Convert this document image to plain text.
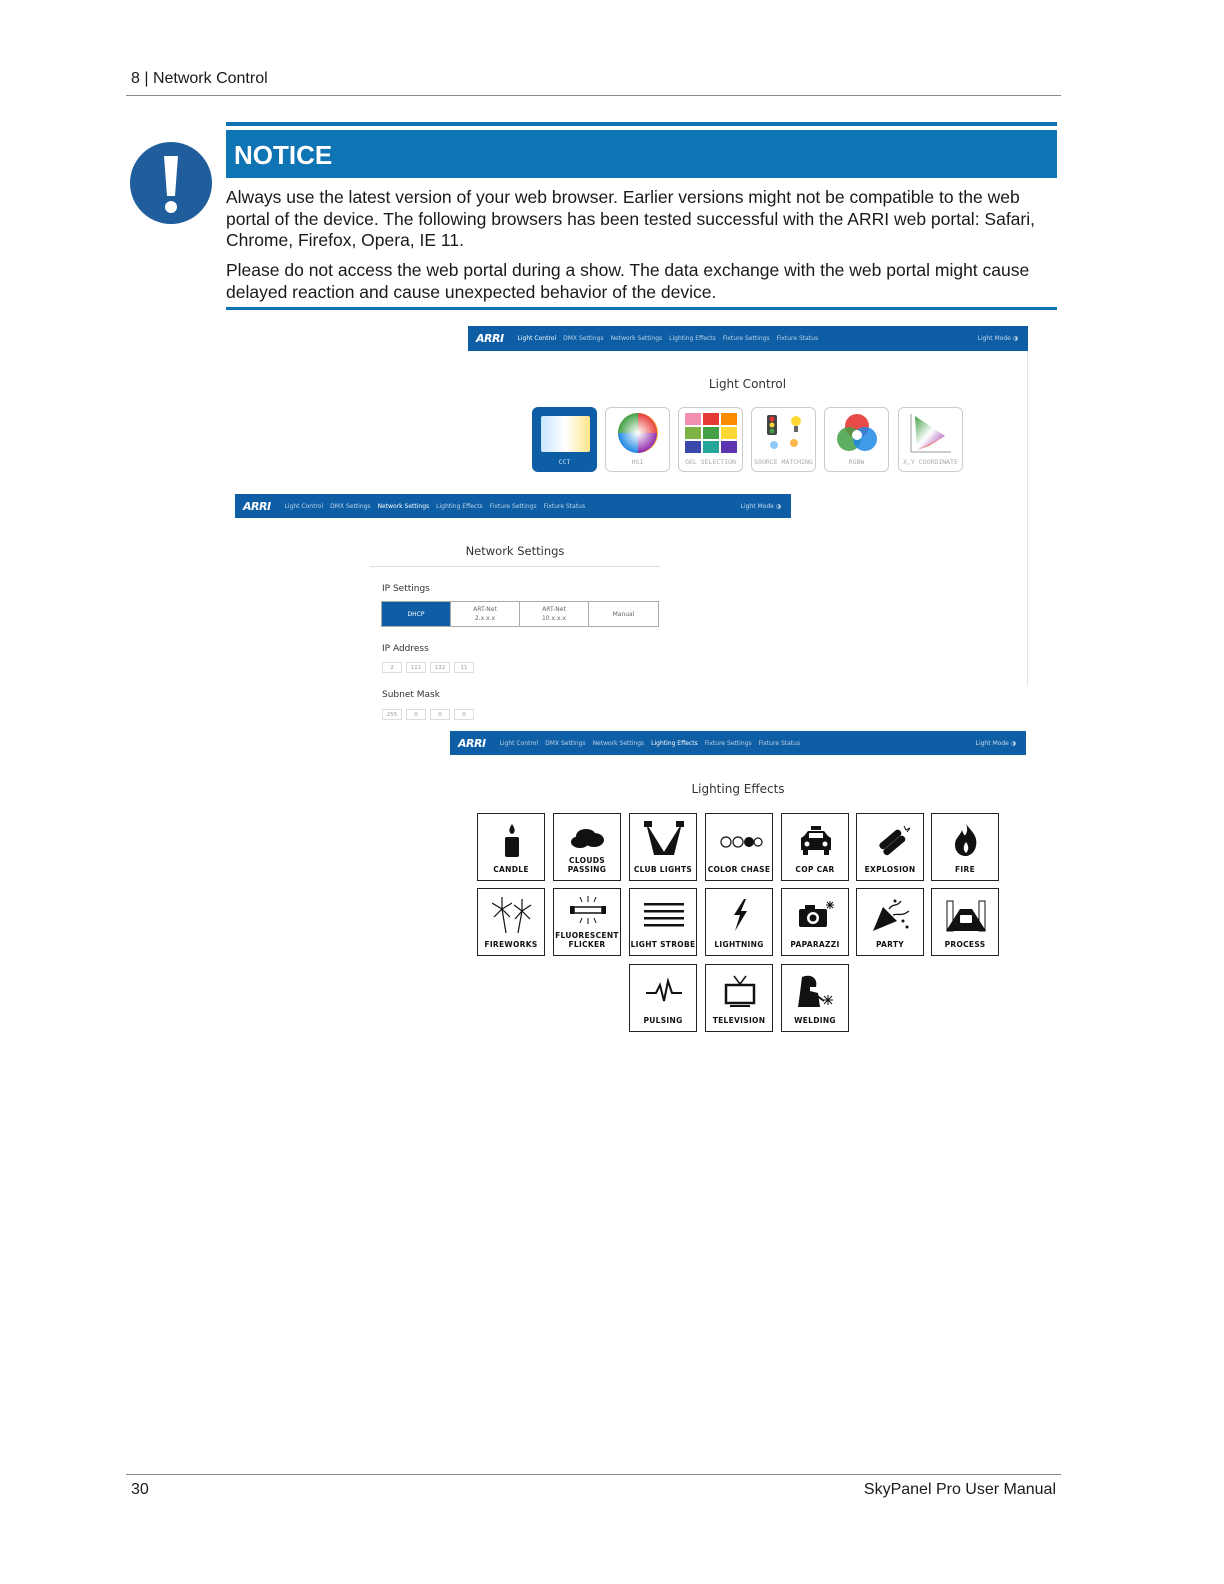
8 | Network Control
NOTICE
Always use the latest version of your web browser. Earlier versions might not be compatible to the web portal of the device. The following browsers has been tested successful with the ARRI web portal: Safari, Chrome, Firefox, Opera, IE 11.
Please do not access the web portal during a show. The data exchange with the web portal might cause delayed reaction and cause unexpected behavior of the device.
ARRI Light Control DMX Settings Network Settings Lighting Effects Fixture Settings Fixture Status	Light Mode ◑
Light Control
CCT	HSI	GEL SELECTION	SOURCE MATCHING	RGBW	X,Y COORDINATE
ARRI Light Control DMX Settings Network Settings Lighting Effects Fixture Settings Fixture Status	Light Mode ◑
Network Settings
IP Settings
DHCP
ART-Net
2.x.x.x
ART-Net
10.x.x.x
Manual
IP Address
2	111	132	11
Subnet Mask
255	0	0	0
ARRI Light Control DMX Settings Network Settings Lighting Effects Fixture Settings Fixture Status	Light Mode ◑
Lighting Effects
CANDLE
CLOUDS
PASSING	CLUB LIGHTS	COLOR CHASE	COP CAR	EXPLOSION	FIRE
FIREWORKS
FLUORESCENT
FLICKER	LIGHT STROBE	LIGHTNING	PAPARAZZI	PARTY	PROCESS
PULSING	TELEVISION	WELDING
30	SkyPanel Pro User Manual
